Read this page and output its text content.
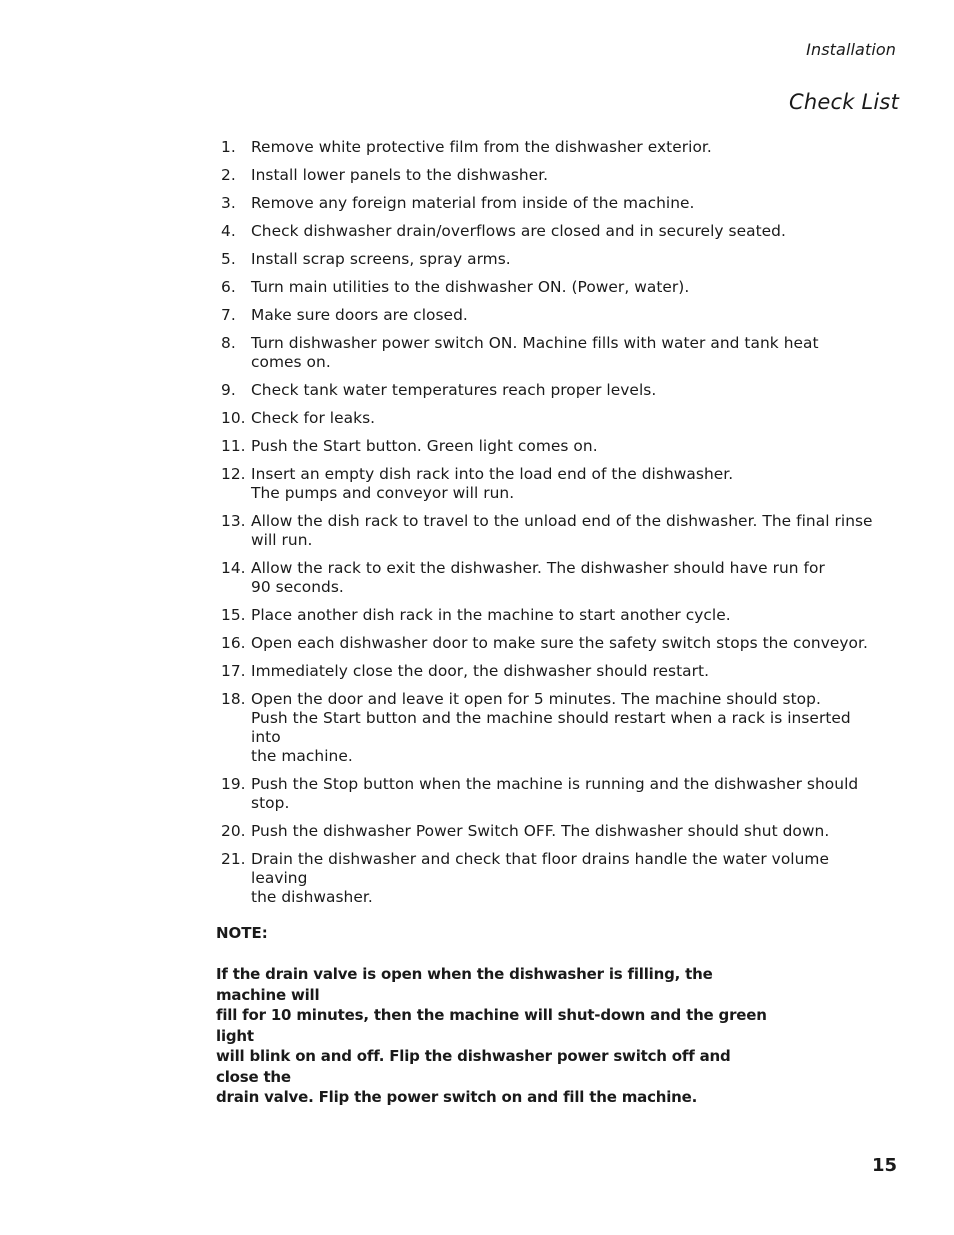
Installation
Check List
1. Remove white protective film from the dishwasher exterior.
2. Install lower panels to the dishwasher.
3. Remove any foreign material from inside of the machine.
4. Check dishwasher drain/overflows are closed and in securely seated.
5. Install scrap screens, spray arms.
6. Turn main utilities to the dishwasher ON. (Power, water).
7. Make sure doors are closed.
8. Turn dishwasher power switch ON. Machine fills with water and tank heat
comes on.
9. Check tank water temperatures reach proper levels.
10. Check for leaks.
11. Push the Start button. Green light comes on.
12. Insert an empty dish rack into the load end of the dishwasher.
The pumps and conveyor will run.
13. Allow the dish rack to travel to the unload end of the dishwasher. The final rinse
will run.
14. Allow the rack to exit the dishwasher. The dishwasher should have run for
90 seconds.
15. Place another dish rack in the machine to start another cycle.
16. Open each dishwasher door to make sure the safety switch stops the conveyor.
17. Immediately close the door, the dishwasher should restart.
18. Open the door and leave it open for 5 minutes. The machine should stop.
Push the Start button and the machine should restart when a rack is inserted into
the machine.
19. Push the Stop button when the machine is running and the dishwasher should stop.
20. Push the dishwasher Power Switch OFF. The dishwasher should shut down.
21. Drain the dishwasher and check that floor drains handle the water volume leaving
the dishwasher.
NOTE:
If the drain valve is open when the dishwasher is filling, the machine will
fill for 10 minutes, then the machine will shut-down and the green light
will blink on and off. Flip the dishwasher power switch off and close the
drain valve. Flip the power switch on and fill the machine.
15
